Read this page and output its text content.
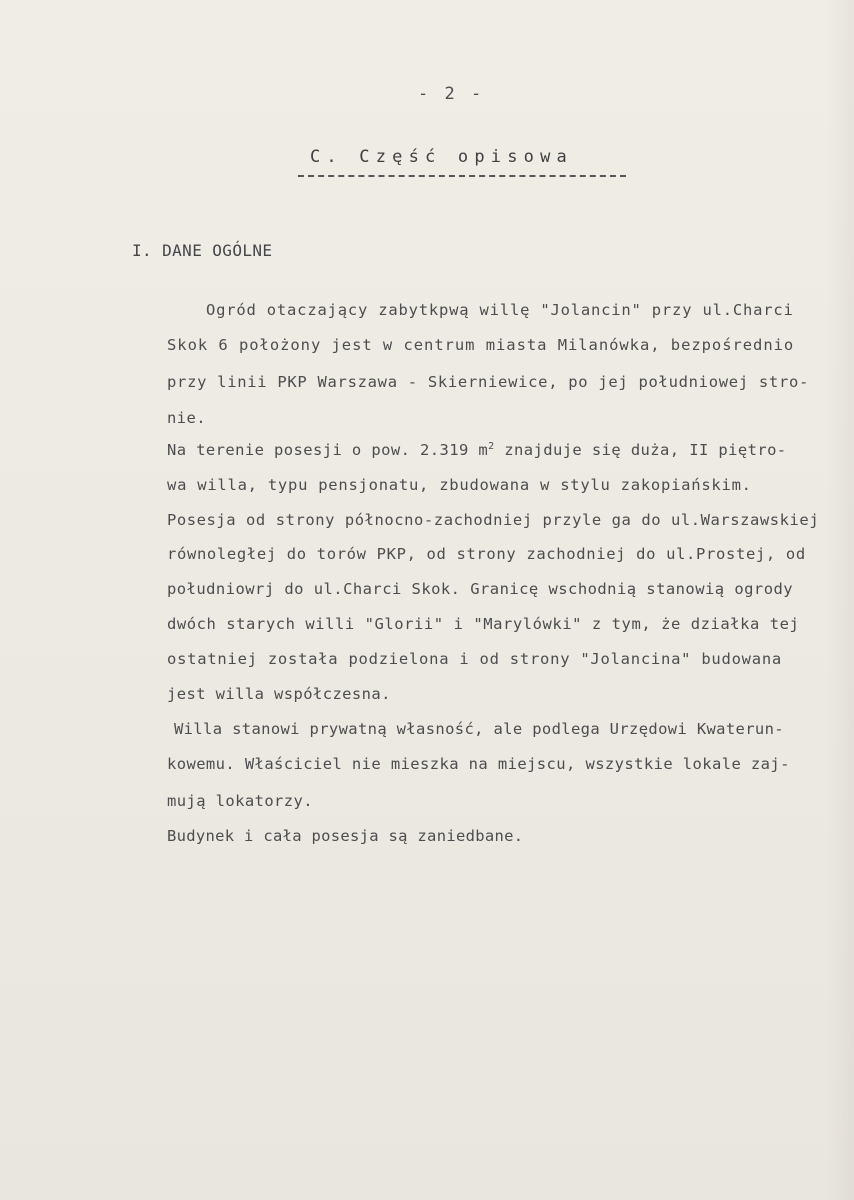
- 2 -
C. Część opisowa
I. DANE OGÓLNE
Ogród otaczający zabytkpwą willę "Jolancin" przy ul.Charci
Skok 6 położony jest w centrum miasta Milanówka, bezpośrednio
przy linii PKP Warszawa - Skierniewice, po jej południowej stro-
nie.
Na terenie posesji o pow. 2.319 $m^2$ znajduje się duża, II piętro-
wa willa, typu pensjonatu, zbudowana w stylu zakopiańskim.
Posesja od strony północno-zachodniej przyle ga do ul.Warszawskiej
równoległej do torów PKP, od strony zachodniej do ul.Prostej, od
południowrj do ul.Charci Skok. Granicę wschodnią stanowią ogrody
dwóch starych willi "Glorii" i "Marylówki" z tym, że działka tej
ostatniej została podzielona i od strony "Jolancina" budowana
jest willa współczesna.
Willa stanowi prywatną własność, ale podlega Urzędowi Kwaterun-
kowemu. Właściciel nie mieszka na miejscu, wszystkie lokale zaj-
mują lokatorzy.
Budynek i cała posesja są zaniedbane.
